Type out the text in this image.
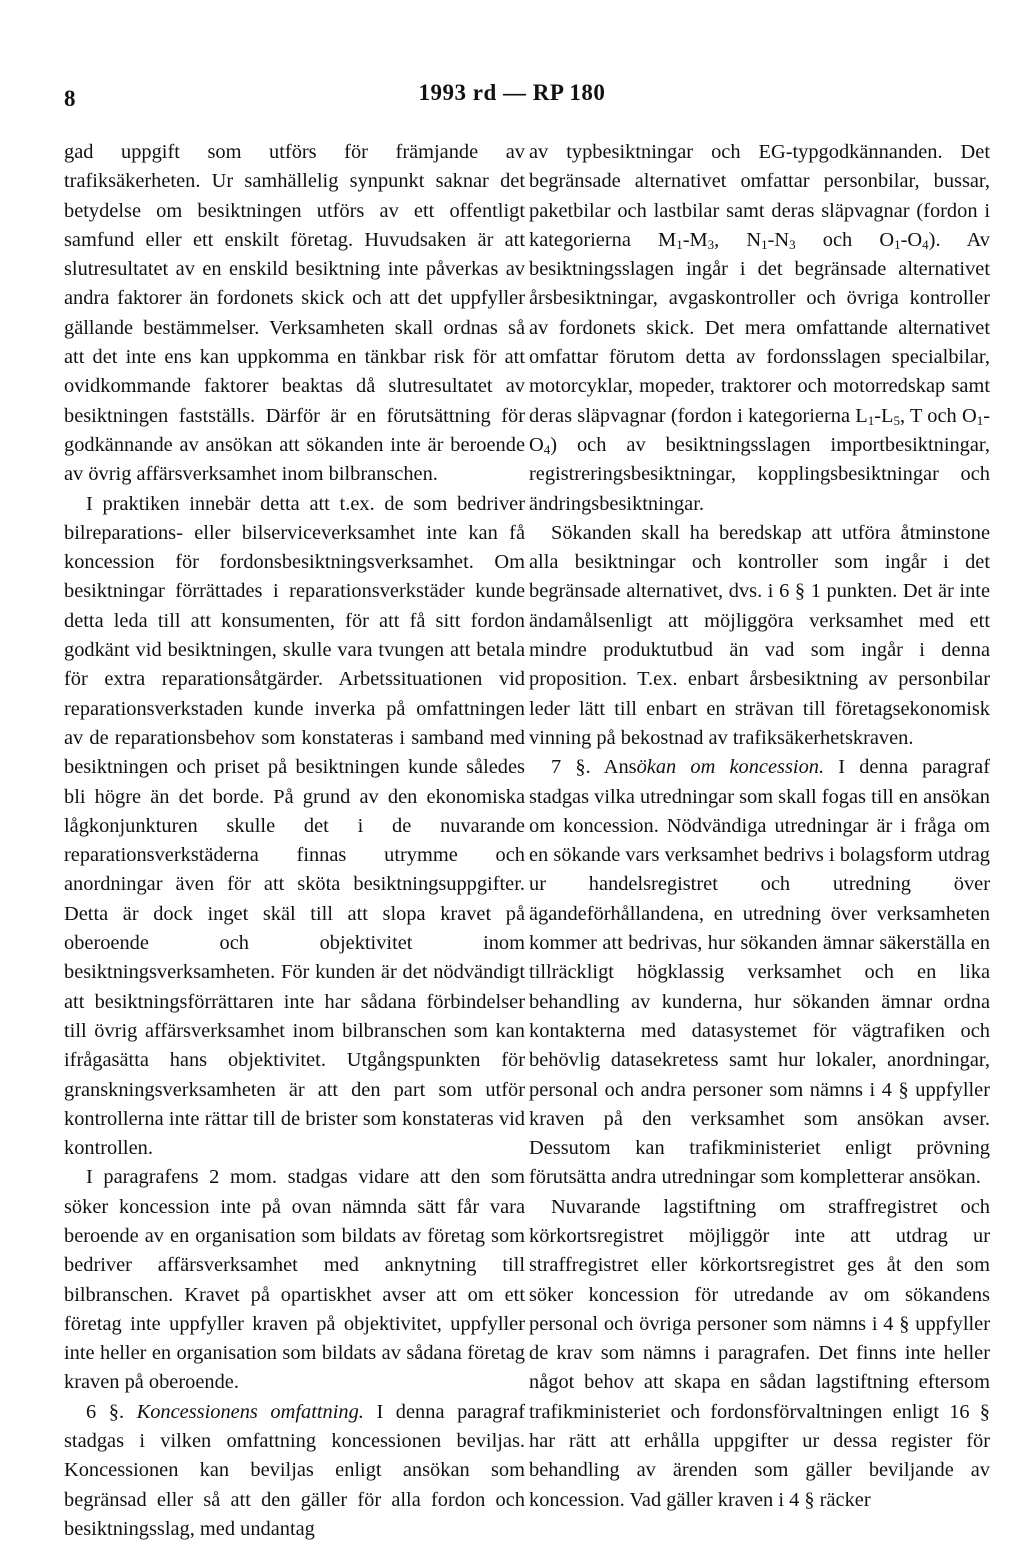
8	1993 rd — RP 180

gad uppgift som utförs för främjande av trafiksäkerheten. Ur samhällelig synpunkt saknar det betydelse om besiktningen utförs av ett offentligt samfund eller ett enskilt företag. Huvudsaken är att slutresultatet av en enskild besiktning inte påverkas av andra faktorer än fordonets skick och att det uppfyller gällande bestämmelser. Verksamheten skall ordnas så att det inte ens kan uppkomma en tänkbar risk för att ovidkommande faktorer beaktas då slutresultatet av besiktningen fastställs. Därför är en förutsättning för godkännande av ansökan att sökanden inte är beroende av övrig affärsverksamhet inom bilbranschen.

I praktiken innebär detta att t.ex. de som bedriver bilreparations- eller bilserviceverksamhet inte kan få koncession för fordonsbesiktningsverksamhet. Om besiktningar förrättades i reparationsverkstäder kunde detta leda till att konsumenten, för att få sitt fordon godkänt vid besiktningen, skulle vara tvungen att betala för extra reparationsåtgärder. Arbetssituationen vid reparationsverkstaden kunde inverka på omfattningen av de reparationsbehov som konstateras i samband med besiktningen och priset på besiktningen kunde således bli högre än det borde. På grund av den ekonomiska lågkonjunkturen skulle det i de nuvarande reparationsverkstäderna finnas utrymme och anordningar även för att sköta besiktningsuppgifter. Detta är dock inget skäl till att slopa kravet på oberoende och objektivitet inom besiktningsverksamheten. För kunden är det nödvändigt att besiktningsförrättaren inte har sådana förbindelser till övrig affärsverksamhet inom bilbranschen som kan ifrågasätta hans objektivitet. Utgångspunkten för granskningsverksamheten är att den part som utför kontrollerna inte rättar till de brister som konstateras vid kontrollen.

I paragrafens 2 mom. stadgas vidare att den som söker koncession inte på ovan nämnda sätt får vara beroende av en organisation som bildats av företag som bedriver affärsverksamhet med anknytning till bilbranschen. Kravet på opartiskhet avser att om ett företag inte uppfyller kraven på objektivitet, uppfyller inte heller en organisation som bildats av sådana företag kraven på oberoende.

6 §. Koncessionens omfattning. I denna paragraf stadgas i vilken omfattning koncessionen beviljas. Koncessionen kan beviljas enligt ansökan som begränsad eller så att den gäller för alla fordon och besiktningsslag, med undantag

av typbesiktningar och EG-typgodkännanden. Det begränsade alternativet omfattar personbilar, bussar, paketbilar och lastbilar samt deras släpvagnar (fordon i kategorierna $M_1-M_3$, $N_1-N_3$ och $O_1-O_4$). Av besiktningsslagen ingår i det begränsade alternativet årsbesiktningar, avgaskontroller och övriga kontroller av fordonets skick. Det mera omfattande alternativet omfattar förutom detta av fordonsslagen specialbilar, motorcyklar, mopeder, traktorer och motorredskap samt deras släpvagnar (fordon i kategorierna $L_1-L_5$, T och $O_1-O_4$) och av besiktningsslagen importbesiktningar, registreringsbesiktningar, kopplingsbesiktningar och ändringsbesiktningar.

Sökanden skall ha beredskap att utföra åtminstone alla besiktningar och kontroller som ingår i det begränsade alternativet, dvs. i 6 § 1 punkten. Det är inte ändamålsenligt att möjliggöra verksamhet med ett mindre produktutbud än vad som ingår i denna proposition. T.ex. enbart årsbesiktning av personbilar leder lätt till enbart en strävan till företagsekonomisk vinning på bekostnad av trafiksäkerhetskraven.

7 §. Ansökan om koncession. I denna paragraf stadgas vilka utredningar som skall fogas till en ansökan om koncession. Nödvändiga utredningar är i fråga om en sökande vars verksamhet bedrivs i bolagsform utdrag ur handelsregistret och utredning över ägandeförhållandena, en utredning över verksamheten kommer att bedrivas, hur sökanden ämnar säkerställa en tillräckligt högklassig verksamhet och en lika behandling av kunderna, hur sökanden ämnar ordna kontakterna med datasystemet för vägtrafiken och behövlig datasekretess samt hur lokaler, anordningar, personal och andra personer som nämns i 4 § uppfyller kraven på den verksamhet som ansökan avser. Dessutom kan trafikministeriet enligt prövning förutsätta andra utredningar som kompletterar ansökan.

Nuvarande lagstiftning om straffregistret och körkortsregistret möjliggör inte att utdrag ur straffregistret eller körkortsregistret ges åt den som söker koncession för utredande av om sökandens personal och övriga personer som nämns i 4 § uppfyller de krav som nämns i paragrafen. Det finns inte heller något behov att skapa en sådan lagstiftning eftersom trafikministeriet och fordonsförvaltningen enligt 16 § har rätt att erhålla uppgifter ur dessa register för behandling av ärenden som gäller beviljande av koncession. Vad gäller kraven i 4 § räcker
